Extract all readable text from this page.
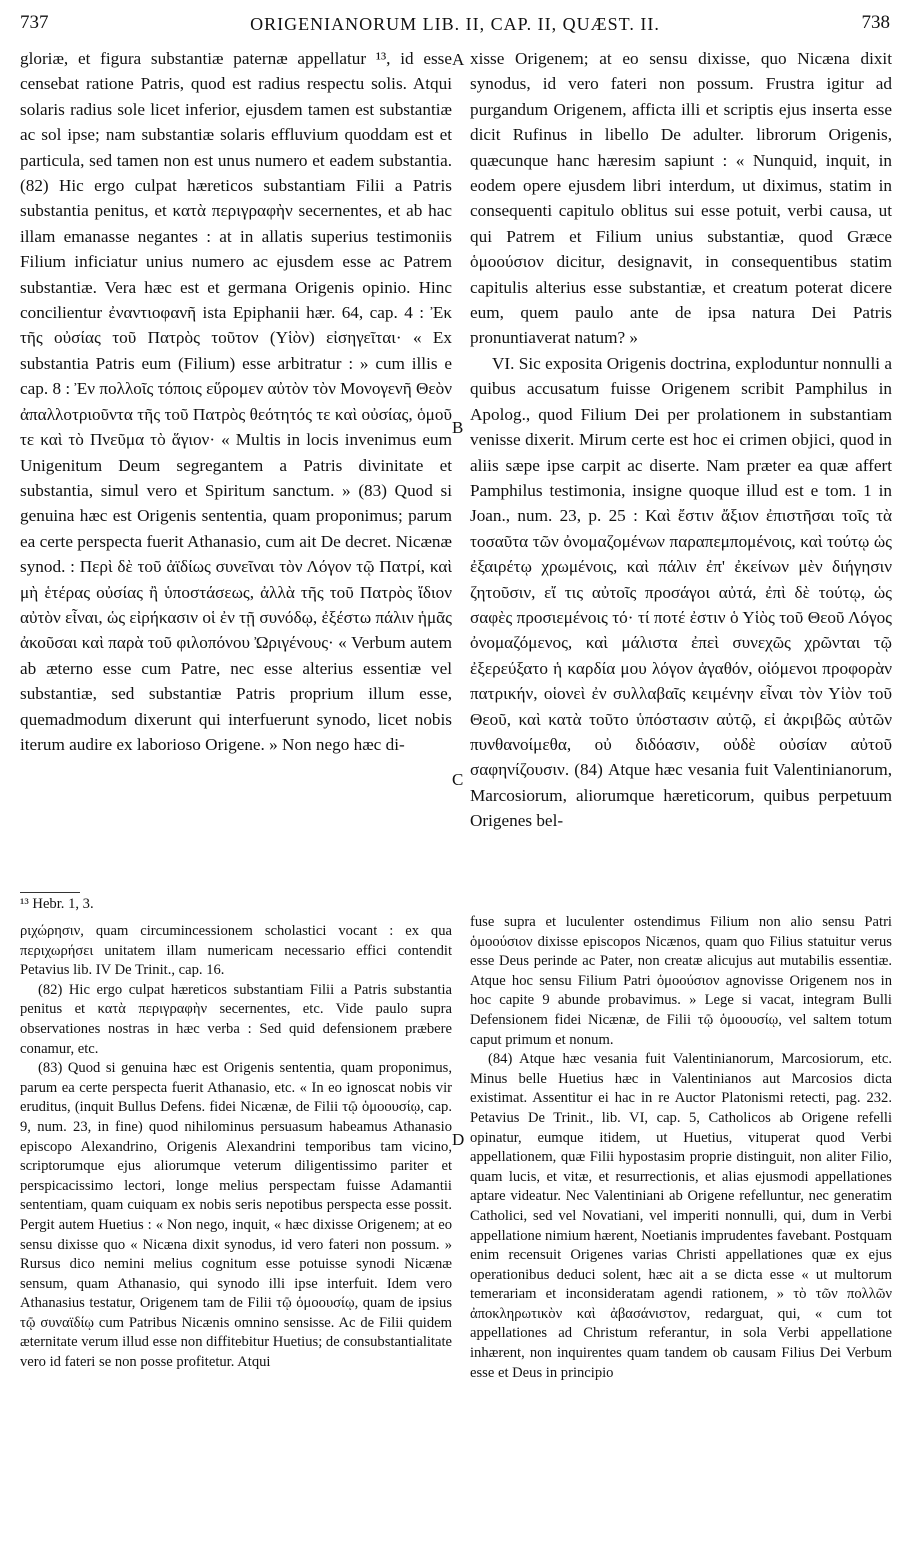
737	ORIGENIANORUM LIB. II, CAP. II, QUÆST. II.	738
A
B
C
D

gloriæ, et figura substantiæ paternæ appellatur ¹³, id esse censebat ratione Patris, quod est radius respectu solis. Atqui solaris radius sole licet inferior, ejusdem tamen est substantiæ ac sol ipse; nam substantiæ solaris effluvium quoddam est et particula, sed tamen non est unus numero et eadem substantia. (82) Hic ergo culpat hæreticos substantiam Filii a Patris substantia penitus, et κατὰ περιγραφὴν secernentes, et ab hac illam emanasse negantes : at in allatis superius testimoniis Filium inficiatur unius numero ac ejusdem esse ac Patrem substantiæ. Vera hæc est et germana Origenis opinio. Hinc concilientur ἐναντιοφανῆ ista Epiphanii hær. 64, cap. 4 : Ἐκ τῆς οὐσίας τοῦ Πατρὸς τοῦτον (Υἱὸν) εἰσηγεῖται· « Ex substantia Patris eum (Filium) esse arbitratur : » cum illis e cap. 8 : Ἐν πολλοῖς τόποις εὕρομεν αὐτὸν τὸν Μονογενῆ Θεὸν ἀπαλλοτριοῦντα τῆς τοῦ Πατρὸς θεότητός τε καὶ οὐσίας, ὁμοῦ τε καὶ τὸ Πνεῦμα τὸ ἅγιον· « Multis in locis invenimus eum Unigenitum Deum segregantem a Patris divinitate et substantia, simul vero et Spiritum sanctum. » (83) Quod si genuina hæc est Origenis sententia, quam proponimus; parum ea certe perspecta fuerit Athanasio, cum ait De decret. Nicænæ synod. : Περὶ δὲ τοῦ ἀϊδίως συνεῖναι τὸν Λόγον τῷ Πατρί, καὶ μὴ ἑτέρας οὐσίας ἢ ὑποστάσεως, ἀλλὰ τῆς τοῦ Πατρὸς ἴδιον αὐτὸν εἶναι, ὡς εἰρήκασιν οἱ ἐν τῇ συνόδῳ, ἐξέστω πάλιν ἡμᾶς ἀκοῦσαι καὶ παρὰ τοῦ φιλοπόνου Ὠριγένους· « Verbum autem ab æterno esse cum Patre, nec esse alterius essentiæ vel substantiæ, sed substantiæ Patris proprium illum esse, quemadmodum dixerunt qui interfuerunt synodo, licet nobis iterum audire ex laborioso Origene. » Non nego hæc di-

xisse Origenem; at eo sensu dixisse, quo Nicæna dixit synodus, id vero fateri non possum. Frustra igitur ad purgandum Origenem, afficta illi et scriptis ejus inserta esse dicit Rufinus in libello De adulter. librorum Origenis, quæcunque hanc hæresim sapiunt : « Nunquid, inquit, in eodem opere ejusdem libri interdum, ut diximus, statim in consequenti capitulo oblitus sui esse potuit, verbi causa, ut qui Patrem et Filium unius substantiæ, quod Græce ὁμοούσιον dicitur, designavit, in consequentibus statim capitulis alterius esse substantiæ, et creatum poterat dicere eum, quem paulo ante de ipsa natura Dei Patris pronuntiaverat natum? »

VI. Sic exposita Origenis doctrina, exploduntur nonnulli a quibus accusatum fuisse Origenem scribit Pamphilus in Apolog., quod Filium Dei per prolationem in substantiam venisse dixerit. Mirum certe est hoc ei crimen objici, quod in aliis sæpe ipse carpit ac diserte. Nam præter ea quæ affert Pamphilus testimonia, insigne quoque illud est e tom. 1 in Joan., num. 23, p. 25 : Καὶ ἔστιν ἄξιον ἐπιστῆσαι τοῖς τὰ τοσαῦτα τῶν ὀνομαζομένων παραπεμπομένοις, καὶ τούτῳ ὡς ἐξαιρέτῳ χρωμένοις, καὶ πάλιν ἐπ' ἐκείνων μὲν διήγησιν ζητοῦσιν, εἴ τις αὐτοῖς προσάγοι αὐτά, ἐπὶ δὲ τούτῳ, ὡς σαφὲς προσιεμένοις τό· τί ποτέ ἐστιν ὁ Υἱὸς τοῦ Θεοῦ Λόγος ὀνομαζόμενος, καὶ μάλιστα ἐπεὶ συνεχῶς χρῶνται τῷ ἐξερεύξατο ἡ καρδία μου λόγον ἀγαθόν, οἰόμενοι προφορὰν πατρικήν, οἱονεὶ ἐν συλλαβαῖς κειμένην εἶναι τὸν Υἱὸν τοῦ Θεοῦ, καὶ κατὰ τοῦτο ὑπόστασιν αὐτῷ, εἰ ἀκριβῶς αὐτῶν πυνθανοίμεθα, οὐ διδόασιν, οὐδὲ οὐσίαν αὐτοῦ σαφηνίζουσιν. (84) Atque hæc vesania fuit Valentinianorum, Marcosiorum, aliorumque hæreticorum, quibus perpetuum Origenes bel-

¹³ Hebr. 1, 3.

ριχώρησιν, quam circumincessionem scholastici vocant : ex qua περιχωρήσει unitatem illam numericam necessario effici contendit Petavius lib. IV De Trinit., cap. 16.

(82) Hic ergo culpat hæreticos substantiam Filii a Patris substantia penitus et κατὰ περιγραφὴν secernentes, etc. Vide paulo supra observationes nostras in hæc verba : Sed quid defensionem præbere conamur, etc.

(83) Quod si genuina hæc est Origenis sententia, quam proponimus, parum ea certe perspecta fuerit Athanasio, etc. « In eo ignoscat nobis vir eruditus, (inquit Bullus Defens. fidei Nicænæ, de Filii τῷ ὁμοουσίῳ, cap. 9, num. 23, in fine) quod nihilominus persuasum habeamus Athanasio episcopo Alexandrino, Origenis Alexandrini temporibus tam vicino, scriptorumque ejus aliorumque veterum diligentissimo pariter et perspicacissimo lectori, longe melius perspectam fuisse Adamantii sententiam, quam cuiquam ex nobis seris nepotibus perspecta esse possit. Pergit autem Huetius : « Non nego, inquit, « hæc dixisse Origenem; at eo sensu dixisse quo « Nicæna dixit synodus, id vero fateri non possum. » Rursus dico nemini melius cognitum esse potuisse synodi Nicænæ sensum, quam Athanasio, qui synodo illi ipse interfuit. Idem vero Athanasius testatur, Origenem tam de Filii τῷ ὁμοουσίῳ, quam de ipsius τῷ συναϊδίῳ cum Patribus Nicænis omnino sensisse. Ac de Filii quidem æternitate verum illud esse non diffitebitur Huetius; de consubstantialitate vero id fateri se non posse profitetur. Atqui

fuse supra et luculenter ostendimus Filium non alio sensu Patri ὁμοούσιον dixisse episcopos Nicænos, quam quo Filius statuitur verus esse Deus perinde ac Pater, non creatæ alicujus aut mutabilis essentiæ. Atque hoc sensu Filium Patri ὁμοούσιον agnovisse Origenem nos in hoc capite 9 abunde probavimus. » Lege si vacat, integram Bulli Defensionem fidei Nicænæ, de Filii τῷ ὁμοουσίῳ, vel saltem totum caput primum et nonum.

(84) Atque hæc vesania fuit Valentinianorum, Marcosiorum, etc. Minus belle Huetius hæc in Valentinianos aut Marcosios dicta existimat. Assentitur ei hac in re Auctor Platonismi retecti, pag. 232. Petavius De Trinit., lib. VI, cap. 5, Catholicos ab Origene refelli opinatur, eumque itidem, ut Huetius, vituperat quod Verbi appellationem, quæ Filii hypostasim proprie distinguit, non aliter Filio, quam lucis, et vitæ, et resurrectionis, et alias ejusmodi appellationes aptare videatur. Nec Valentiniani ab Origene refelluntur, nec generatim Catholici, sed vel Novatiani, vel imperiti nonnulli, qui, dum in Verbi appellatione nimium hærent, Noetianis imprudentes favebant. Postquam enim recensuit Origenes varias Christi appellationes quæ ex ejus operationibus deduci solent, hæc ait a se dicta esse « ut multorum temerariam et inconsideratam agendi rationem, » τὸ τῶν πολλῶν ἀποκληρωτικὸν καὶ ἀβασάνιστον, redarguat, qui, « cum tot appellationes ad Christum referantur, in sola Verbi appellatione inhærent, non inquirentes quam tandem ob causam Filius Dei Verbum esse et Deus in principio
